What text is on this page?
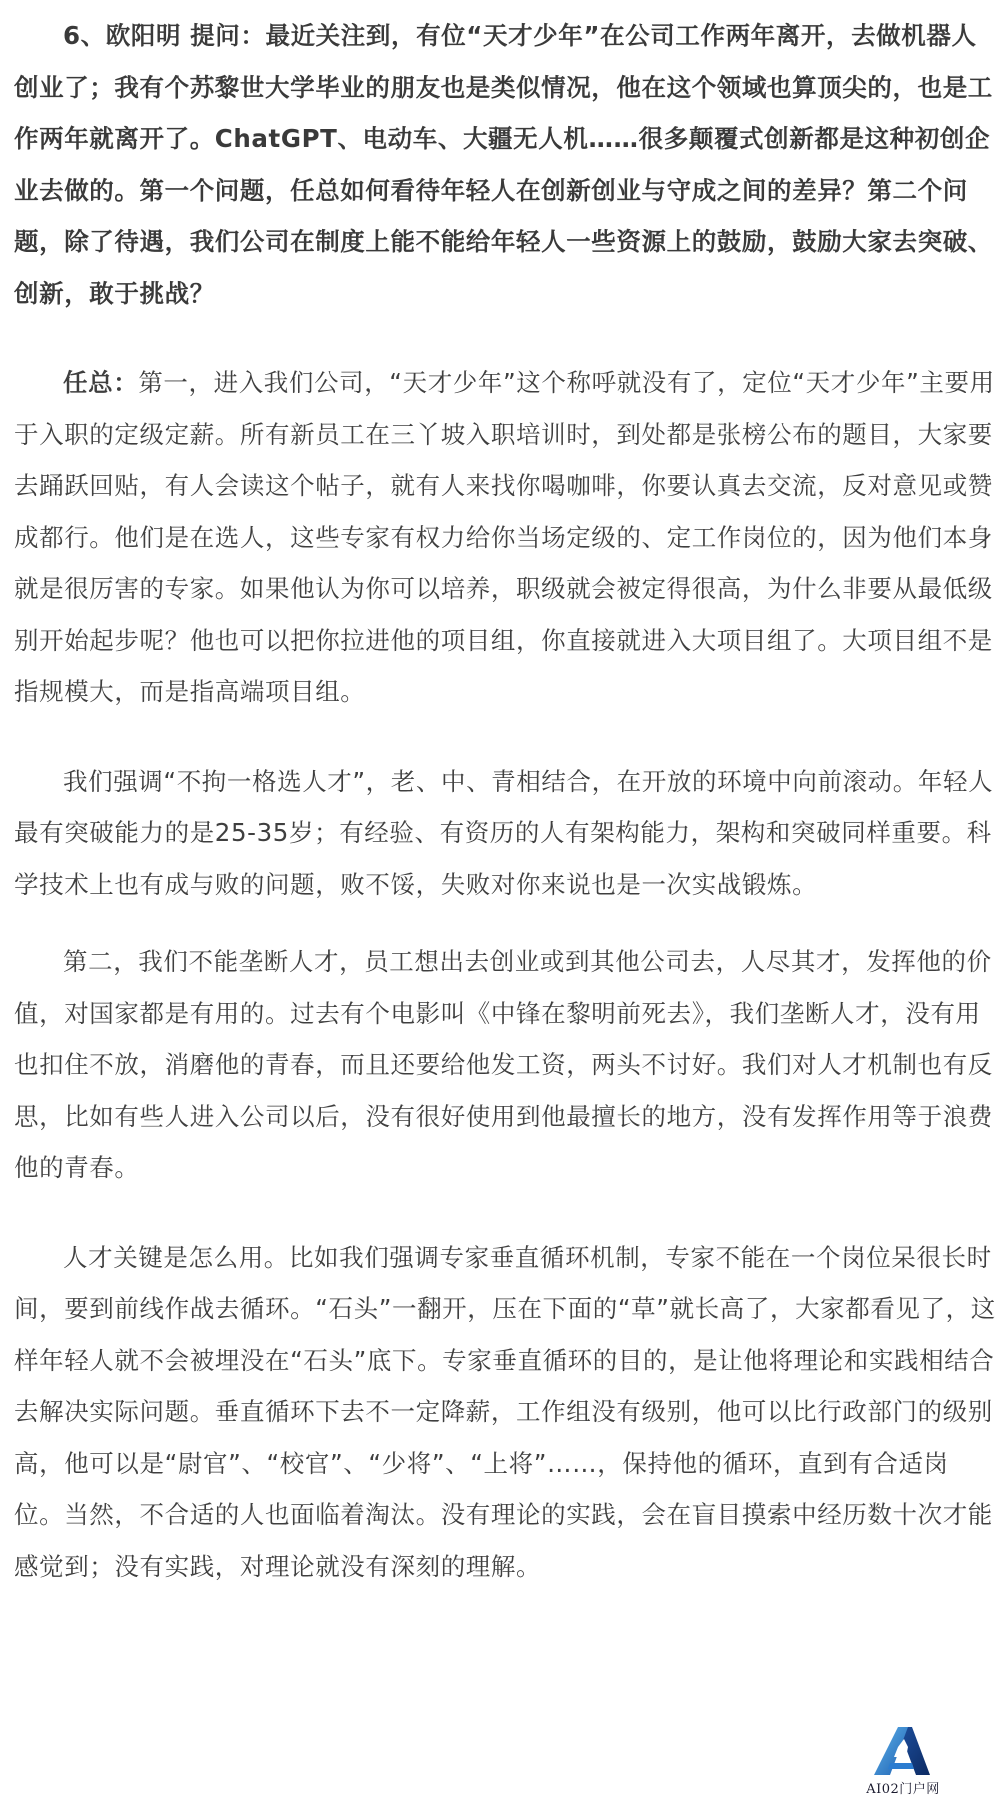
6、欧阳明 提问：最近关注到，有位“天才少年”在公司工作两年离开，去做机器人创业了；我有个苏黎世大学毕业的朋友也是类似情况，他在这个领域也算顶尖的，也是工作两年就离开了。ChatGPT、电动车、大疆无人机……很多颠覆式创新都是这种初创企业去做的。第一个问题，任总如何看待年轻人在创新创业与守成之间的差异？第二个问题，除了待遇，我们公司在制度上能不能给年轻人一些资源上的鼓励，鼓励大家去突破、创新，敢于挑战？

任总：第一，进入我们公司，“天才少年”这个称呼就没有了，定位“天才少年”主要用于入职的定级定薪。所有新员工在三丫坡入职培训时，到处都是张榜公布的题目，大家要去踊跃回贴，有人会读这个帖子，就有人来找你喝咖啡，你要认真去交流，反对意见或赞成都行。他们是在选人，这些专家有权力给你当场定级的、定工作岗位的，因为他们本身就是很厉害的专家。如果他认为你可以培养，职级就会被定得很高，为什么非要从最低级别开始起步呢？他也可以把你拉进他的项目组，你直接就进入大项目组了。大项目组不是指规模大，而是指高端项目组。

我们强调“不拘一格选人才”，老、中、青相结合，在开放的环境中向前滚动。年轻人最有突破能力的是25-35岁；有经验、有资历的人有架构能力，架构和突破同样重要。科学技术上也有成与败的问题，败不馁，失败对你来说也是一次实战锻炼。

第二，我们不能垄断人才，员工想出去创业或到其他公司去，人尽其才，发挥他的价值，对国家都是有用的。过去有个电影叫《中锋在黎明前死去》，我们垄断人才，没有用也扣住不放，消磨他的青春，而且还要给他发工资，两头不讨好。我们对人才机制也有反思，比如有些人进入公司以后，没有很好使用到他最擅长的地方，没有发挥作用等于浪费他的青春。

人才关键是怎么用。比如我们强调专家垂直循环机制，专家不能在一个岗位呆很长时间，要到前线作战去循环。“石头”一翻开，压在下面的“草”就长高了，大家都看见了，这样年轻人就不会被埋没在“石头”底下。专家垂直循环的目的，是让他将理论和实践相结合去解决实际问题。垂直循环下去不一定降薪，工作组没有级别，他可以比行政部门的级别高，他可以是“尉官”、“校官”、“少将”、“上将”……，保持他的循环，直到有合适岗位。当然，不合适的人也面临着淘汰。没有理论的实践，会在盲目摸索中经历数十次才能感觉到；没有实践，对理论就没有深刻的理解。

AI02门户网
